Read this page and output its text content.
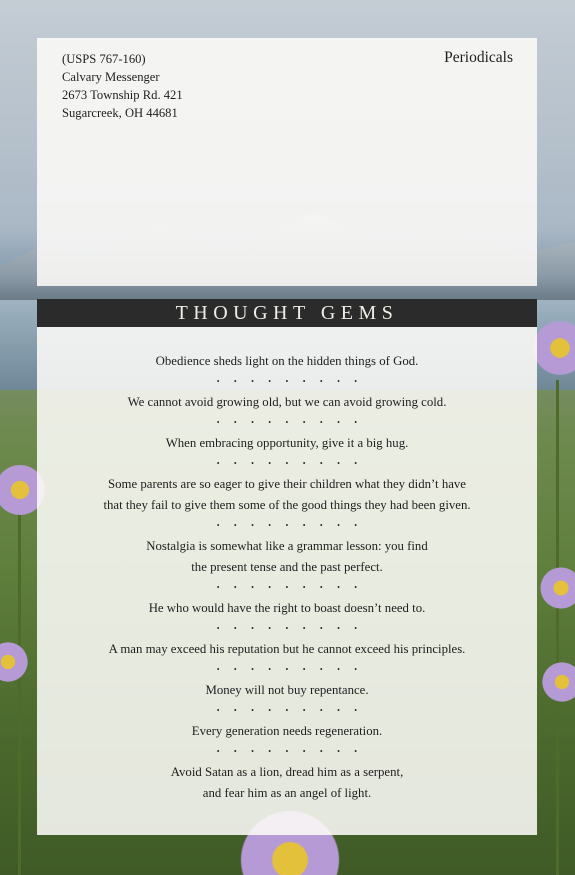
(USPS 767-160)
Calvary Messenger
2673 Township Rd. 421
Sugarcreek, OH 44681
Periodicals
THOUGHT GEMS
Obedience sheds light on the hidden things of God.
• • • • • • • • •
We cannot avoid growing old, but we can avoid growing cold.
• • • • • • • • •
When embracing opportunity, give it a big hug.
• • • • • • • • •
Some parents are so eager to give their children what they didn’t have
that they fail to give them some of the good things they had been given.
• • • • • • • • •
Nostalgia is somewhat like a grammar lesson: you find
the present tense and the past perfect.
• • • • • • • • •
He who would have the right to boast doesn’t need to.
• • • • • • • • •
A man may exceed his reputation but he cannot exceed his principles.
• • • • • • • • •
Money will not buy repentance.
• • • • • • • • •
Every generation needs regeneration.
• • • • • • • • •
Avoid Satan as a lion, dread him as a serpent,
and fear him as an angel of light.
